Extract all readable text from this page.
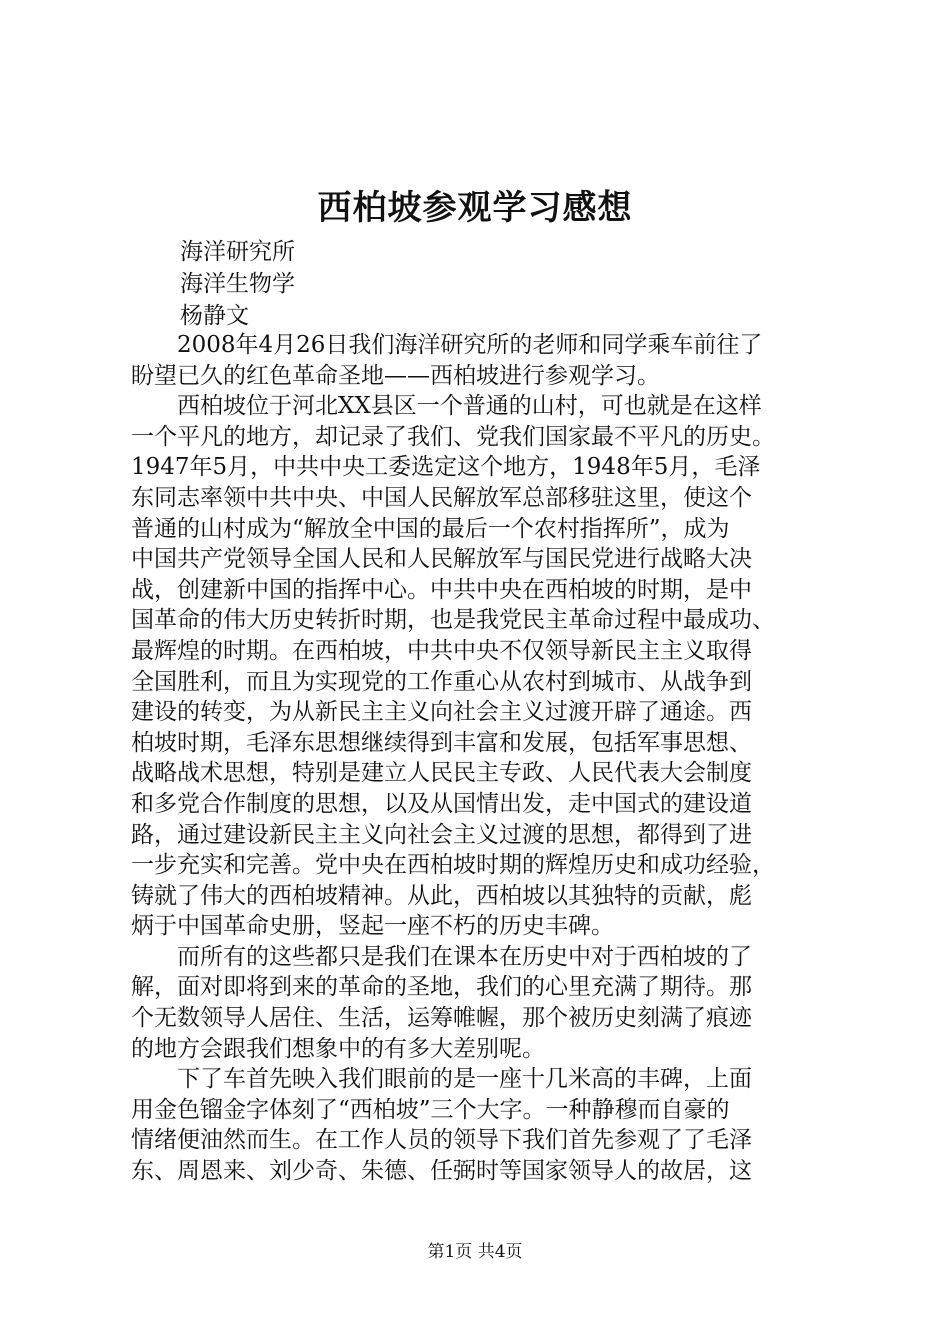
西柏坡参观学习感想
海洋研究所
海洋生物学
杨静文
　　2008年4月26日我们海洋研究所的老师和同学乘车前往了
盼望已久的红色革命圣地——西柏坡进行参观学习。
　　西柏坡位于河北XX县区一个普通的山村，可也就是在这样
一个平凡的地方，却记录了我们、党我们国家最不平凡的历史。
1947年5月，中共中央工委选定这个地方，1948年5月，毛泽
东同志率领中共中央、中国人民解放军总部移驻这里，使这个
普通的山村成为“解放全中国的最后一个农村指挥所”，成为
中国共产党领导全国人民和人民解放军与国民党进行战略大决
战，创建新中国的指挥中心。中共中央在西柏坡的时期，是中
国革命的伟大历史转折时期，也是我党民主革命过程中最成功、
最辉煌的时期。在西柏坡，中共中央不仅领导新民主主义取得
全国胜利，而且为实现党的工作重心从农村到城市、从战争到
建设的转变，为从新民主主义向社会主义过渡开辟了通途。西
柏坡时期，毛泽东思想继续得到丰富和发展，包括军事思想、
战略战术思想，特别是建立人民民主专政、人民代表大会制度
和多党合作制度的思想，以及从国情出发，走中国式的建设道
路，通过建设新民主主义向社会主义过渡的思想，都得到了进
一步充实和完善。党中央在西柏坡时期的辉煌历史和成功经验，
铸就了伟大的西柏坡精神。从此，西柏坡以其独特的贡献，彪
炳于中国革命史册，竖起一座不朽的历史丰碑。
　　而所有的这些都只是我们在课本在历史中对于西柏坡的了
解，面对即将到来的革命的圣地，我们的心里充满了期待。那
个无数领导人居住、生活，运筹帷幄，那个被历史刻满了痕迹
的地方会跟我们想象中的有多大差别呢。
　　下了车首先映入我们眼前的是一座十几米高的丰碑，上面
用金色镏金字体刻了“西柏坡”三个大字。一种静穆而自豪的
情绪便油然而生。在工作人员的领导下我们首先参观了了毛泽
东、周恩来、刘少奇、朱德、任弼时等国家领导人的故居，这
第1页 共4页
